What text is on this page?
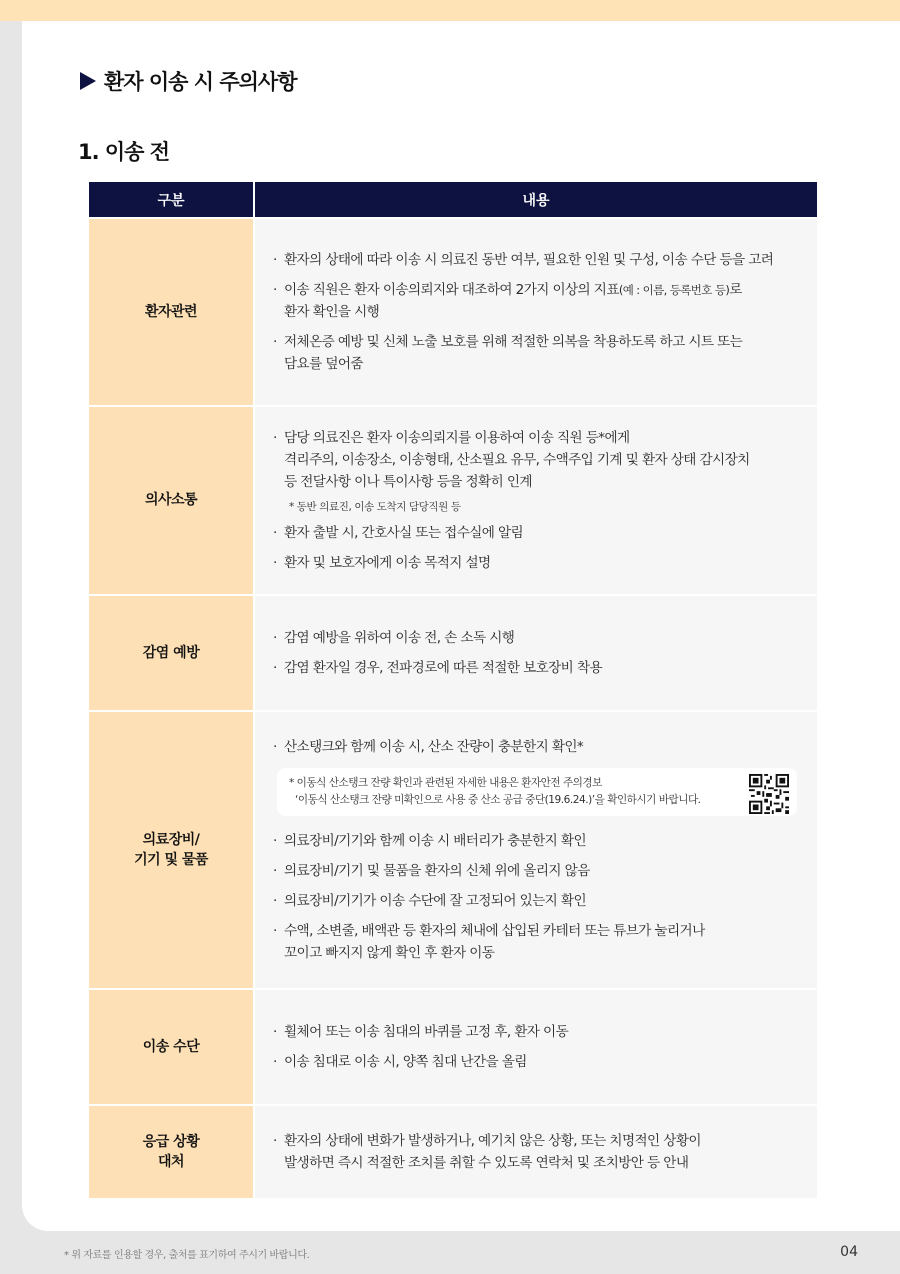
환자 이송 시 주의사항
1. 이송 전
구분	내용
환자관련
· 환자의 상태에 따라 이송 시 의료진 동반 여부, 필요한 인원 및 구성, 이송 수단 등을 고려
· 이송 직원은 환자 이송의뢰지와 대조하여 2가지 이상의 지표(예 : 이름, 등록번호 등)로
환자 확인을 시행
· 저체온증 예방 및 신체 노출 보호를 위해 적절한 의복을 착용하도록 하고 시트 또는
담요를 덮어줌
의사소통
· 담당 의료진은 환자 이송의뢰지를 이용하여 이송 직원 등*에게
격리주의, 이송장소, 이송형태, 산소필요 유무, 수액주입 기계 및 환자 상태 감시장치
등 전달사항 이나 특이사항 등을 정확히 인계
* 동반 의료진, 이송 도착지 담당직원 등
· 환자 출발 시, 간호사실 또는 접수실에 알림
· 환자 및 보호자에게 이송 목적지 설명
감염 예방
· 감염 예방을 위하여 이송 전, 손 소독 시행
· 감염 환자일 경우, 전파경로에 따른 적절한 보호장비 착용
의료장비/
기기 및 물품
· 산소탱크와 함께 이송 시, 산소 잔량이 충분한지 확인*
* 이동식 산소탱크 잔량 확인과 관련된 자세한 내용은 환자안전 주의경보
‘이동식 산소탱크 잔량 미확인으로 사용 중 산소 공급 중단(19.6.24.)’을 확인하시기 바랍니다.
· 의료장비/기기와 함께 이송 시 배터리가 충분한지 확인
· 의료장비/기기 및 물품을 환자의 신체 위에 올리지 않음
· 의료장비/기기가 이송 수단에 잘 고정되어 있는지 확인
· 수액, 소변줄, 배액관 등 환자의 체내에 삽입된 카테터 또는 튜브가 눌리거나
꼬이고 빠지지 않게 확인 후 환자 이동
이송 수단
· 휠체어 또는 이송 침대의 바퀴를 고정 후, 환자 이동
· 이송 침대로 이송 시, 양쪽 침대 난간을 올림
응급 상황
대처
· 환자의 상태에 변화가 발생하거나, 예기치 않은 상황, 또는 치명적인 상황이
발생하면 즉시 적절한 조치를 취할 수 있도록 연락처 및 조치방안 등 안내
* 위 자료를 인용할 경우, 출처를 표기하여 주시기 바랍니다.	04
